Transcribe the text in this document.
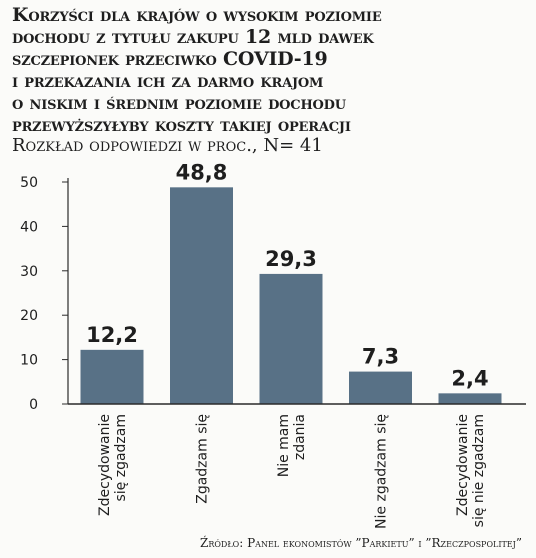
Korzyści dla krajów o wysokim poziomie
dochodu z tytułu zakupu 12 mld dawek
szczepionek przeciwko COVID-19
i przekazania ich za darmo krajom
o niskim i średnim poziomie dochodu
przewyższyłyby koszty takiej operacji
Rozkład odpowiedzi w proc., N= 41
0
10
20
30
40
50
12,2
48,8
29,3
7,3
2,4
Zdecydowanie się zgadzam	Zgadzam się	Nie mam zdania	Nie zgadzam się	Zdecydowanie się nie zgadzam
Źródło: Panel ekonomistów ”Parkietu” i ”Rzeczpospolitej”
